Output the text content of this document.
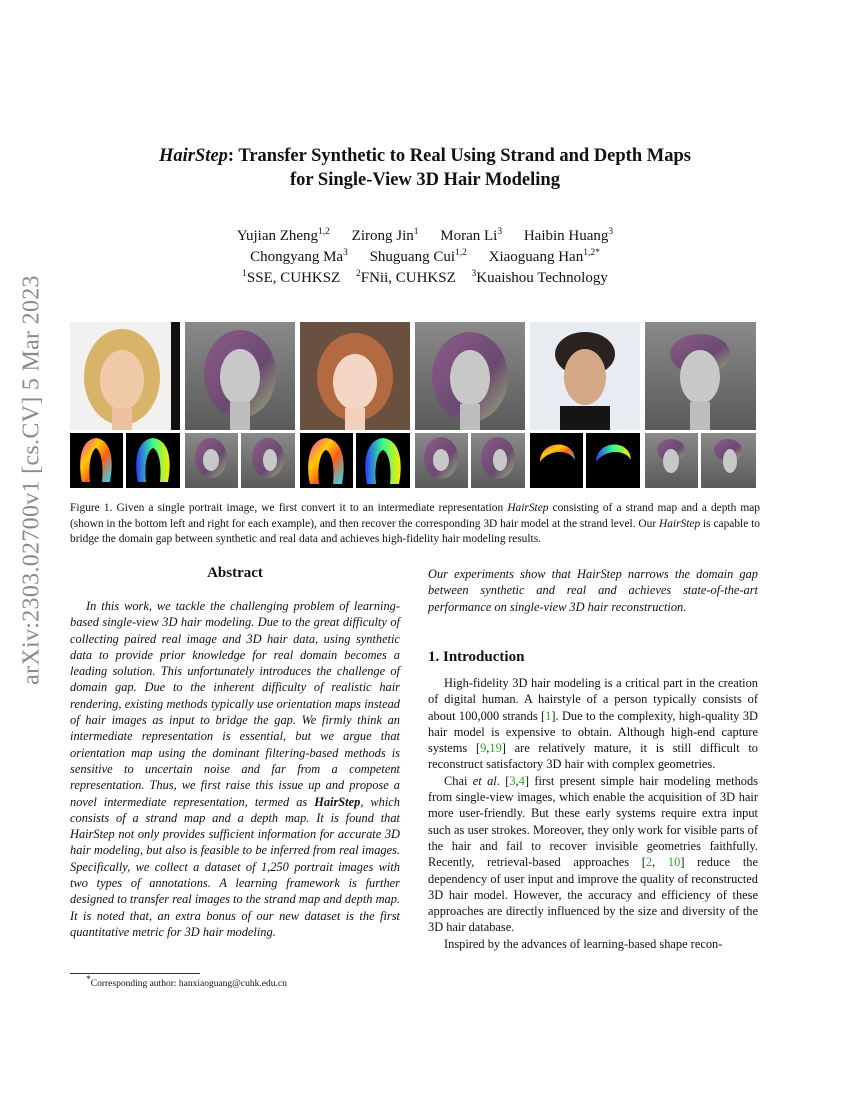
arXiv:2303.02700v1 [cs.CV] 5 Mar 2023
HairStep: Transfer Synthetic to Real Using Strand and Depth Maps
for Single-View 3D Hair Modeling
Yujian Zheng$^{1,2}$ Zirong Jin$^1$ Moran Li$^3$ Haibin Huang$^3$
Chongyang Ma$^3$ Shuguang Cui$^{1,2}$ Xiaoguang Han$^{1,2*}$
$^1$SSE, CUHKSZ $^2$FNii, CUHKSZ $^3$Kuaishou Technology
Figure 1. Given a single portrait image, we first convert it to an intermediate representation HairStep consisting of a strand map and a depth map (shown in the bottom left and right for each example), and then recover the corresponding 3D hair model at the strand level. Our HairStep is capable to bridge the domain gap between synthetic and real data and achieves high-fidelity hair modeling results.
Abstract
In this work, we tackle the challenging problem of learning-based single-view 3D hair modeling. Due to the great difficulty of collecting paired real image and 3D hair data, using synthetic data to provide prior knowledge for real domain becomes a leading solution. This unfortunately introduces the challenge of domain gap. Due to the inherent difficulty of realistic hair rendering, existing methods typically use orientation maps instead of hair images as input to bridge the gap. We firmly think an intermediate representation is essential, but we argue that orientation map using the dominant filtering-based methods is sensitive to uncertain noise and far from a competent representation. Thus, we first raise this issue up and propose a novel intermediate representation, termed as HairStep, which consists of a strand map and a depth map. It is found that HairStep not only provides sufficient information for accurate 3D hair modeling, but also is feasible to be inferred from real images. Specifically, we collect a dataset of 1,250 portrait images with two types of annotations. A learning framework is further designed to transfer real images to the strand map and depth map. It is noted that, an extra bonus of our new dataset is the first quantitative metric for 3D hair modeling.
*Corresponding author: hanxiaoguang@cuhk.edu.cn
Our experiments show that HairStep narrows the domain gap between synthetic and real and achieves state-of-the-art performance on single-view 3D hair reconstruction.
1. Introduction

High-fidelity 3D hair modeling is a critical part in the creation of digital human. A hairstyle of a person typically consists of about 100,000 strands [1]. Due to the complexity, high-quality 3D hair model is expensive to obtain. Although high-end capture systems [9,19] are relatively mature, it is still difficult to reconstruct satisfactory 3D hair with complex geometries.

Chai et al. [3,4] first present simple hair modeling methods from single-view images, which enable the acquisition of 3D hair more user-friendly. But these early systems require extra input such as user strokes. Moreover, they only work for visible parts of the hair and fail to recover invisible geometries faithfully. Recently, retrieval-based approaches [2, 10] reduce the dependency of user input and improve the quality of reconstructed 3D hair model. However, the accuracy and efficiency of these approaches are directly influenced by the size and diversity of the 3D hair database.

Inspired by the advances of learning-based shape recon-
